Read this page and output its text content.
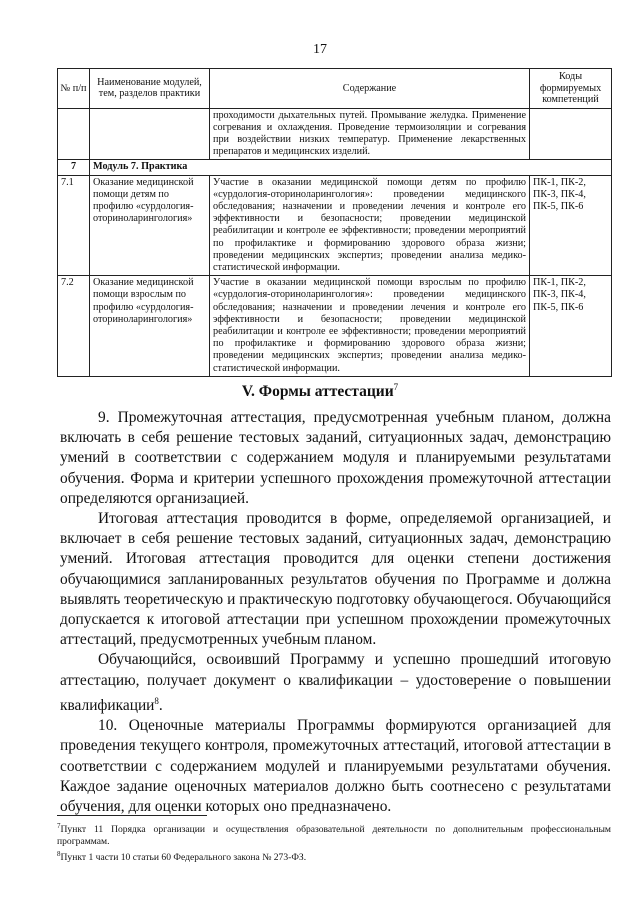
17
№ п/п	Наименование модулей, тем, разделов практики	Содержание	Коды формируемых компетенций
		проходимости дыхательных путей. Промывание желудка. Применение согревания и охлаждения. Проведение термоизоляции и согревания при воздействии низких температур. Применение лекарственных препаратов и медицинских изделий.	
7	Модуль 7. Практика		
7.1	Оказание медицинской помощи детям по профилю «сурдология-оториноларингология»	Участие в оказании медицинской помощи детям по профилю «сурдология-оториноларингология»: проведении медицинского обследования; назначении и проведении лечения и контроле его эффективности и безопасности; проведении медицинской реабилитации и контроле ее эффективности; проведении мероприятий по профилактике и формированию здорового образа жизни; проведении медицинских экспертиз; проведении анализа медико-статистической информации.	ПК-1, ПК-2, ПК-3, ПК-4, ПК-5, ПК-6
7.2	Оказание медицинской помощи взрослым по профилю «сурдология-оториноларингология»	Участие в оказании медицинской помощи взрослым по профилю «сурдология-оториноларингология»: проведении медицинского обследования; назначении и проведении лечения и контроле его эффективности и безопасности; проведении медицинской реабилитации и контроле ее эффективности; проведении мероприятий по профилактике и формированию здорового образа жизни; проведении медицинских экспертиз; проведении анализа медико-статистической информации.	ПК-1, ПК-2, ПК-3, ПК-4, ПК-5, ПК-6
V. Формы аттестации$^7$

9. Промежуточная аттестация, предусмотренная учебным планом, должна включать в себя решение тестовых заданий, ситуационных задач, демонстрацию умений в соответствии с содержанием модуля и планируемыми результатами обучения. Форма и критерии успешного прохождения промежуточной аттестации определяются организацией.

Итоговая аттестация проводится в форме, определяемой организацией, и включает в себя решение тестовых заданий, ситуационных задач, демонстрацию умений. Итоговая аттестация проводится для оценки степени достижения обучающимися запланированных результатов обучения по Программе и должна выявлять теоретическую и практическую подготовку обучающегося. Обучающийся допускается к итоговой аттестации при успешном прохождении промежуточных аттестаций, предусмотренных учебным планом.

Обучающийся, освоивший Программу и успешно прошедший итоговую аттестацию, получает документ о квалификации – удостоверение о повышении квалификации$^8$.

10. Оценочные материалы Программы формируются организацией для проведения текущего контроля, промежуточных аттестаций, итоговой аттестации в соответствии с содержанием модулей и планируемыми результатами обучения. Каждое задание оценочных материалов должно быть соотнесено с результатами обучения, для оценки которых оно предназначено.

$^7$Пункт 11 Порядка организации и осуществления образовательной деятельности по дополнительным профессиональным программам.

$^8$Пункт 1 части 10 статьи 60 Федерального закона № 273-ФЗ.
